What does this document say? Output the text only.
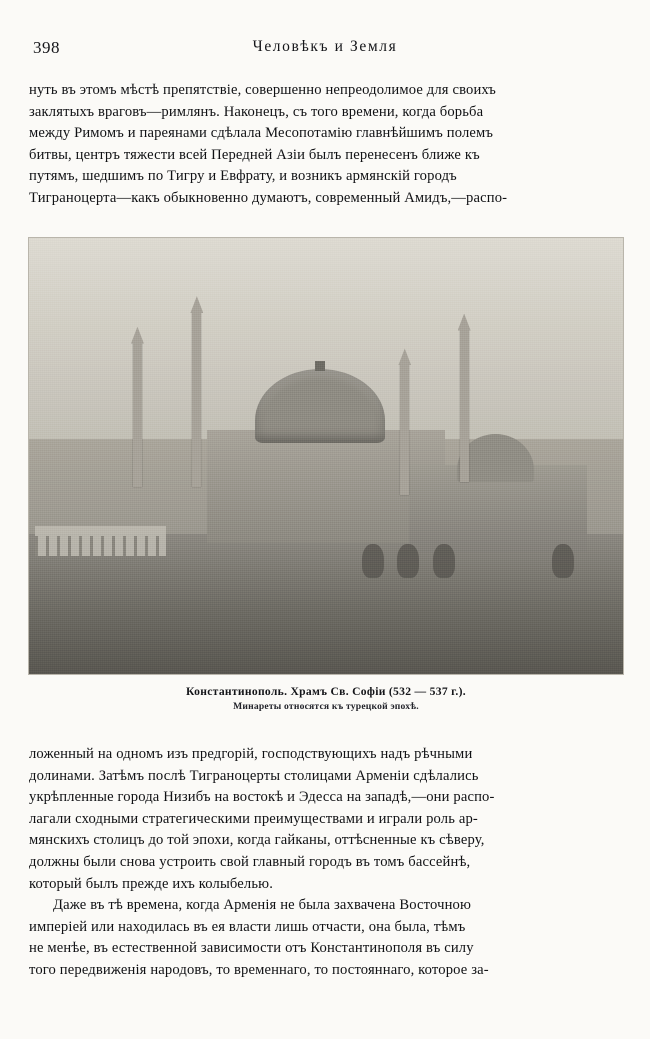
398	Человѣкъ и Земля

нуть въ этомъ мѣстѣ препятствіе, совершенно непреодолимое для своихъ
заклятыхъ враговъ—римлянъ. Наконецъ, съ того времени, когда борьба
между Римомъ и пареянами сдѣлала Месопотамію главнѣйшимъ полемъ
битвы, центръ тяжести всей Передней Азіи былъ перенесенъ ближе къ
путямъ, шедшимъ по Тигру и Евфрату, и возникъ армянскій городъ
Тиграноцерта—какъ обыкновенно думаютъ, современный Амидъ,—распо-

Константинополь. Храмъ Св. Софіи (532 — 537 г.).
Минареты относятся къ турецкой эпохѣ.

ложенный на одномъ изъ предгорій, господствующихъ надъ рѣчными
долинами. Затѣмъ послѣ Тиграноцерты столицами Арменіи сдѣлались
укрѣпленные города Низибъ на востокѣ и Эдесса на западѣ,—они распо-
лагали сходными стратегическими преимуществами и играли роль ар-
мянскихъ столицъ до той эпохи, когда гайканы, оттѣсненные къ сѣверу,
должны были снова устроить свой главный городъ въ томъ бассейнѣ,
который былъ прежде ихъ колыбелью.

Даже въ тѣ времена, когда Арменія не была захвачена Восточною
имперіей или находилась въ ея власти лишь отчасти, она была, тѣмъ
не менѣе, въ естественной зависимости отъ Константинополя въ силу
того передвиженія народовъ, то временнаго, то постояннаго, которое за-
